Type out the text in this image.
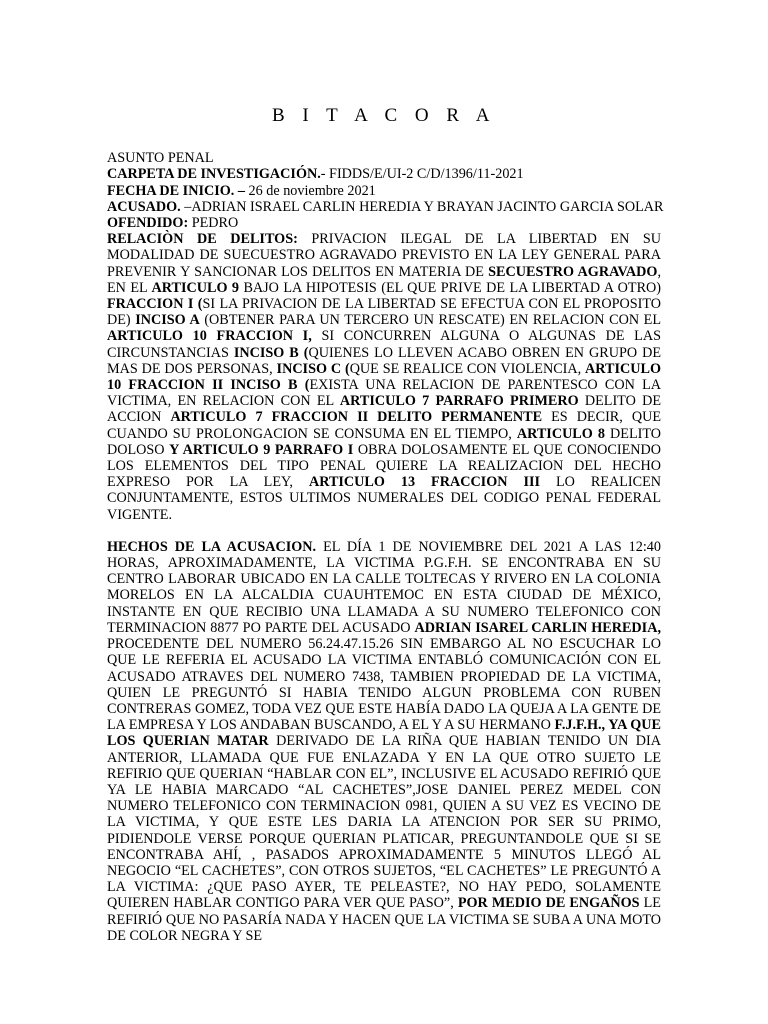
B I T A C O R A
ASUNTO PENAL
CARPETA DE INVESTIGACIÓN.- FIDDS/E/UI-2 C/D/1396/11-2021
FECHA DE INICIO. – 26 de noviembre 2021
ACUSADO. –ADRIAN ISRAEL CARLIN HEREDIA Y BRAYAN JACINTO GARCIA SOLAR
OFENDIDO: PEDRO

RELACIÒN DE DELITOS: PRIVACION ILEGAL DE LA LIBERTAD EN SU MODALIDAD DE SUECUESTRO AGRAVADO PREVISTO EN LA LEY GENERAL PARA PREVENIR Y SANCIONAR LOS DELITOS EN MATERIA DE SECUESTRO AGRAVADO, EN EL ARTICULO 9 BAJO LA HIPOTESIS (EL QUE PRIVE DE LA LIBERTAD A OTRO) FRACCION I (SI LA PRIVACION DE LA LIBERTAD SE EFECTUA CON EL PROPOSITO DE) INCISO A (OBTENER PARA UN TERCERO UN RESCATE) EN RELACION CON EL ARTICULO 10 FRACCION I, SI CONCURREN ALGUNA O ALGUNAS DE LAS CIRCUNSTANCIAS INCISO B (QUIENES LO LLEVEN ACABO OBREN EN GRUPO DE MAS DE DOS PERSONAS, INCISO C (QUE SE REALICE CON VIOLENCIA, ARTICULO 10 FRACCION II INCISO B (EXISTA UNA RELACION DE PARENTESCO CON LA VICTIMA, EN RELACION CON EL ARTICULO 7 PARRAFO PRIMERO DELITO DE ACCION ARTICULO 7 FRACCION II DELITO PERMANENTE ES DECIR, QUE CUANDO SU PROLONGACION SE CONSUMA EN EL TIEMPO, ARTICULO 8 DELITO DOLOSO Y ARTICULO 9 PARRAFO I OBRA DOLOSAMENTE EL QUE CONOCIENDO LOS ELEMENTOS DEL TIPO PENAL QUIERE LA REALIZACION DEL HECHO EXPRESO POR LA LEY, ARTICULO 13 FRACCION III LO REALICEN CONJUNTAMENTE, ESTOS ULTIMOS NUMERALES DEL CODIGO PENAL FEDERAL VIGENTE.

HECHOS DE LA ACUSACION. EL DÍA 1 DE NOVIEMBRE DEL 2021 A LAS 12:40 HORAS, APROXIMADAMENTE, LA VICTIMA P.G.F.H. SE ENCONTRABA EN SU CENTRO LABORAR UBICADO EN LA CALLE TOLTECAS Y RIVERO EN LA COLONIA MORELOS EN LA ALCALDIA CUAUHTEMOC EN ESTA CIUDAD DE MÉXICO, INSTANTE EN QUE RECIBIO UNA LLAMADA A SU NUMERO TELEFONICO CON TERMINACION 8877 PO PARTE DEL ACUSADO ADRIAN ISAREL CARLIN HEREDIA, PROCEDENTE DEL NUMERO 56.24.47.15.26 SIN EMBARGO AL NO ESCUCHAR LO QUE LE REFERIA EL ACUSADO LA VICTIMA ENTABLÓ COMUNICACIÓN CON EL ACUSADO ATRAVES DEL NUMERO 7438, TAMBIEN PROPIEDAD DE LA VICTIMA, QUIEN LE PREGUNTÓ SI HABIA TENIDO ALGUN PROBLEMA CON RUBEN CONTRERAS GOMEZ, TODA VEZ QUE ESTE HABÍA DADO LA QUEJA A LA GENTE DE LA EMPRESA Y LOS ANDABAN BUSCANDO, A EL Y A SU HERMANO F.J.F.H., YA QUE LOS QUERIAN MATAR DERIVADO DE LA RIÑA QUE HABIAN TENIDO UN DIA ANTERIOR, LLAMADA QUE FUE ENLAZADA Y EN LA QUE OTRO SUJETO LE REFIRIO QUE QUERIAN “HABLAR CON EL”, INCLUSIVE EL ACUSADO REFIRIÓ QUE YA LE HABIA MARCADO “AL CACHETES”,JOSE DANIEL PEREZ MEDEL CON NUMERO TELEFONICO CON TERMINACION 0981, QUIEN A SU VEZ ES VECINO DE LA VICTIMA, Y QUE ESTE LES DARIA LA ATENCION POR SER SU PRIMO, PIDIENDOLE VERSE PORQUE QUERIAN PLATICAR, PREGUNTANDOLE QUE SI SE ENCONTRABA AHÍ, , PASADOS APROXIMADAMENTE 5 MINUTOS LLEGÓ AL NEGOCIO “EL CACHETES”, CON OTROS SUJETOS, “EL CACHETES” LE PREGUNTÓ A LA VICTIMA: ¿QUE PASO AYER, TE PELEASTE?, NO HAY PEDO, SOLAMENTE QUIEREN HABLAR CONTIGO PARA VER QUE PASO”, POR MEDIO DE ENGAÑOS LE REFIRIÓ QUE NO PASARÍA NADA Y HACEN QUE LA VICTIMA SE SUBA A UNA MOTO DE COLOR NEGRA Y SE
